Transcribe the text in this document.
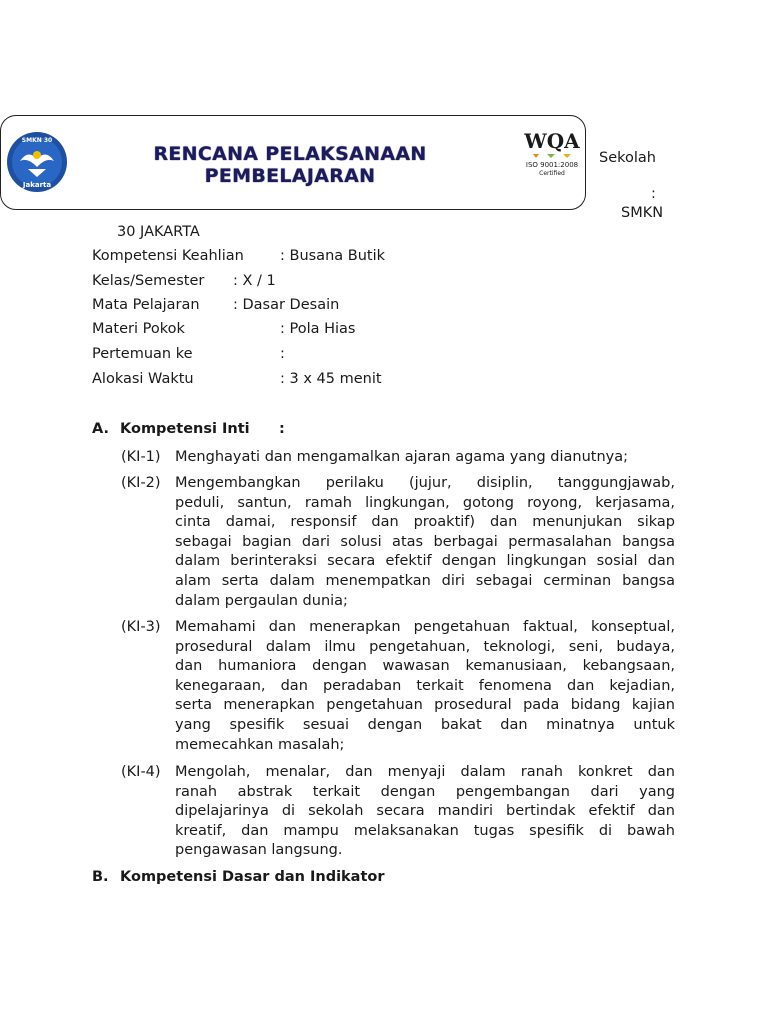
SMKN 30
Jakarta
RENCANA PELAKSANAAN
PEMBELAJARAN
WQA
ISO 9001:2008
Certified
Sekolah
:
SMKN
30 JAKARTA
Kompetensi Keahlian : Busana Butik
Kelas/Semester : X / 1
Mata Pelajaran : Dasar Desain
Materi Pokok	: Pola Hias
Pertemuan ke	:
Alokasi Waktu	: 3 x 45 menit
A. Kompetensi Inti :
(KI-1) Menghayati dan mengamalkan ajaran agama yang dianutnya;
(KI-2) Mengembangkan perilaku (jujur, disiplin, tanggungjawab,
peduli, santun, ramah lingkungan, gotong royong, kerjasama,
cinta damai, responsif dan proaktif) dan menunjukan sikap
sebagai bagian dari solusi atas berbagai permasalahan bangsa
dalam berinteraksi secara efektif dengan lingkungan sosial dan
alam serta dalam menempatkan diri sebagai cerminan bangsa
dalam pergaulan dunia;
(KI-3) Memahami dan menerapkan pengetahuan faktual, konseptual,
prosedural dalam ilmu pengetahuan, teknologi, seni, budaya,
dan humaniora dengan wawasan kemanusiaan, kebangsaan,
kenegaraan, dan peradaban terkait fenomena dan kejadian,
serta menerapkan pengetahuan prosedural pada bidang kajian
yang spesifik sesuai dengan bakat dan minatnya untuk
memecahkan masalah;
(KI-4) Mengolah, menalar, dan menyaji dalam ranah konkret dan
ranah abstrak terkait dengan pengembangan dari yang
dipelajarinya di sekolah secara mandiri bertindak efektif dan
kreatif, dan mampu melaksanakan tugas spesifik di bawah
pengawasan langsung.
B. Kompetensi Dasar dan Indikator
